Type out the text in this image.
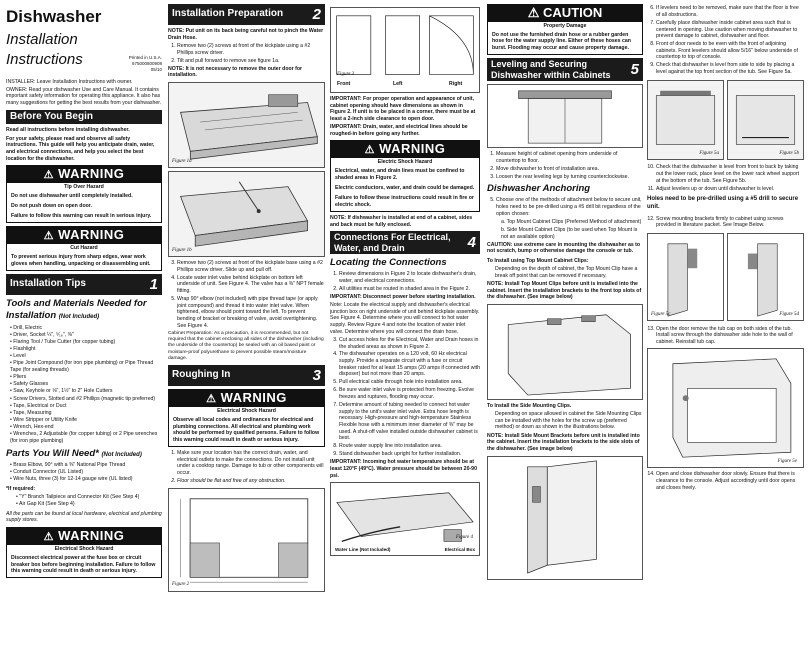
Dishwasher
Installation
Instructions	Printed in U.S.A.
675000800908
05/10

INSTALLER: Leave Installation Instructions with owner.

OWNER: Read your dishwasher Use and Care Manual. It contains important safety information for operating this appliance. It also has many suggestions for getting the best results from your dishwasher.

Before You Begin

Read all instructions before installing dishwasher.

For your safety, please read and observe all safety instructions. This guide will help you anticipate drain, water, and electrical connections, and help you select the best location for the dishwasher.

⚠ WARNING
Tip Over Hazard

Do not use dishwasher until completely installed.

Do not push down on open door.

Failure to follow this warning can result in serious injury.

⚠ WARNING
Cut Hazard

To prevent serious injury from sharp edges, wear work gloves when handling, unpacking or disassembling unit.

Installation Tips	1
Tools and Materials Needed for Installation (Not Included)
• Drill, Electric
• Driver, Socket ¼", ⁵⁄₁₆", ⅜"
• Flaring Tool / Tube Cutter (for copper tubing)
• Flashlight
• Level
• Pipe Joint Compound (for iron pipe plumbing) or Pipe Thread Tape (for sealing threads)
• Pliers
• Safety Glasses
• Saw, Keyhole or ⅛", 1½" to 2" Hole Cutters
• Screw Drivers, Slotted and #2 Phillips (magnetic tip preferred)
• Tape, Electrical or Duct
• Tape, Measuring
• Wire Stripper or Utility Knife
• Wrench, Hex-end
• Wrenches, 2 Adjustable (for copper tubing) or 2 Pipe wrenches (for iron pipe plumbing)
Parts You Will Need* (Not Included)
• Brass Elbow, 90° with a ⅜" National Pipe Thread
• Conduit Connector (UL Listed)
• Wire Nuts, three (3) for 12-14 gauge wire (UL listed)

*If required:

• "Y" Branch Tailpiece and Connector Kit (See Step 4)
• Air Gap Kit (See Step 4)

All the parts can be found at local hardware, electrical and plumbing supply stores.

⚠ WARNING
Electrical Shock Hazard

Disconnect electrical power at the fuse box or circuit breaker box before beginning installation. Failure to follow this warning could result in death or serious injury.

Installation Preparation 2

NOTE: Put unit on its back being careful not to pinch the Water Drain Hose.

1. Remove two (2) screws at front of the kickplate using a #2 Phillips screw driver.
2. Tilt and pull forward to remove see figure 1a.

NOTE: It is not necessary to remove the outer door for installation.

Figure 1a
Figure 1b
3. Remove two (2) screws at front of the kickplate base using a #2 Phillips screw driver. Slide up and pull off.
4. Locate water inlet valve behind kickplate on bottom left underside of unit. See Figure 4. The valve has a ⅜" NPT female fitting.
5. Wrap 90° elbow (not included) with pipe thread tape (or apply joint compound) and thread it into water inlet valve. When tightened, elbow should point toward the left. To prevent bending of bracket or breaking of valve, avoid overtightening. See Figure 4.

Cabinet Preparation: As a precaution, it is recommended, but not required that the cabinet enclosing all sides of the dishwasher (including the underside of the countertop) be sealed with an oil based paint or moisture-proof polyurethane to prevent possible steam/moisture damage.

Roughing In	3
⚠ WARNING
Electrical Shock Hazard

Observe all local codes and ordinances for electrical and plumbing connections. All electrical and plumbing work should be performed by qualified persons. Failure to follow this warning could result in death or serious injury.

1. Make sure your location has the correct drain, water, and electrical outlets to make the connections. Do not install unit under a cooktop range. Damage to tub or other components will occur.
2. Floor should be flat and free of any obstruction.
Figure 2
Front	Left	Right
Figure 3

IMPORTANT: For proper operation and appearance of unit, cabinet opening should have dimensions as shown in Figure 2. If unit is to be placed in a corner, there must be at least a 2-inch side clearance to open door.

IMPORTANT: Drain, water, and electrical lines should be roughed-in before going any further.

⚠ WARNING
Electric Shock Hazard

Electrical, water, and drain lines must be confined to shaded areas in Figure 2.

Electric conductors, water, and drain could be damaged.

Failure to follow these instructions could result in fire or electric shock.

NOTE: If dishwasher is installed at end of a cabinet, sides and back must be fully enclosed.

Connections For Electrical, Water, and Drain	4
Locating the Connections
1. Review dimensions in Figure 2 to locate dishwasher's drain, water, and electrical connections.
2. All utilities must be routed in shaded area in the Figure 2.

IMPORTANT: Disconnect power before starting installation.

Note: Locate the electrical supply and dishwasher's electrical junction box on right underside of unit behind kickplate assembly. See Figure 4. Determine where you will connect to hot water supply. Review Figure 4 and note the location of water inlet valve. Determine where you will connect the drain hose.

3. Cut access holes for the Electrical, Water and Drain hoses in the shaded areas as shown in Figure 2.
4. The dishwasher operates on a 120 volt, 60 Hz electrical supply. Provide a separate circuit with a fuse or circuit breaker rated for at least 15 amps (20 amps if connected with disposer) but not more than 20 amps.
5. Pull electrical cable through hole into installation area.
6. Be sure water inlet valve is protected from freezing. Evolve freezes and ruptures, flooding may occur.
7. Determine amount of tubing needed to connect hot water supply to the unit's water inlet valve. Extra hose length is necessary. High-pressure and high-temperature Stainless Flexible hose with a minimum inner diameter of ⅜" may be used. A shut-off valve installed outside dishwasher cabinet is best.
8. Route water supply line into installation area.
9. Stand dishwasher back upright for further installation.

IMPORTANT: Incoming hot water temperature should be at least 120°F (49°C). Water pressure should be between 20-90 psi.

Figure 4
Water Line (Not Included)	Electrical Box
⚠ CAUTION
Property Damage

Do not use the furnished drain hose or a rubber garden hose for the water supply line. Either of these hoses can burst. Flooding may occur and cause property damage.

Leveling and Securing Dishwasher within Cabinets	5
1. Measure height of cabinet opening from underside of countertop to floor.
2. Move dishwasher to front of installation area.
3. Loosen the rear leveling legs by turning counterclockwise.
Dishwasher Anchoring
5. Choose one of the methods of attachment below to secure unit, holes need to be pre-drilled using a #5 drill bit regardless of the option chosen:

a. Top Mount Cabinet Clips (Preferred Method of attachment)

b. Side Mount Cabinet Clips (to be used when Top Mount is not an available option)

CAUTION: use extreme care in mounting the dishwasher as to not scratch, bump or otherwise damage the console or tub.

To Install using Top Mount Cabinet Clips:

Depending on the depth of cabinet, the Top Mount Clip have a break off point that can be removed if necessary.

NOTE: Install Top Mount Clips before unit is installed into the cabinet. Insert the installation brackets to the front top slots of the dishwasher. (See image below)

To Install the Side Mounting Clips.

Depending on space allowed in cabinet the Side Mounting Clips can be installed with the holes for the screw up (preferred method) or down as shown in the illustrations below.

NOTE: Install Side Mount Brackets before unit is installed into the cabinet. Insert the installation brackets to the side slots of the dishwasher. (See image below)

6. If levelers need to be removed, make sure that the floor is free of all obstructions.
7. Carefully place dishwasher inside cabinet area such that is centered in opening. Use caution when moving dishwasher to prevent damage to cabinet, dishwasher and floor.
8. Front of door needs to be even with the front of adjoining cabinets. Front levelers should allow 5/16" below underside of countertop to top of console.
9. Check that dishwasher is level from side to side by placing a level against the top front section of the tub. See Figure 5a.
Figure 5a	Figure 5b
10. Check that the dishwasher is level from front to back by taking out the lower rack, place level on the lower rack wheel support at the bottom of the tub. See Figure 5b.
11. Adjust levelers up or down until dishwasher is level.

Holes need to be pre-drilled using a #5 drill to secure unit.

12. Screw mounting brackets firmly to cabinet using screws provided in literature packet. See Image Below.
Figure 5c	Figure 5d
13. Open the door remove the tub cap on both sides of the tub. Install screw through the dishwasher side hole to the wall of cabinet. Reinstall tub cap.
Figure 5e
14. Open and close dishwasher door slowly. Ensure that there is clearance to the console. Adjust accordingly until door opens and closes freely.
